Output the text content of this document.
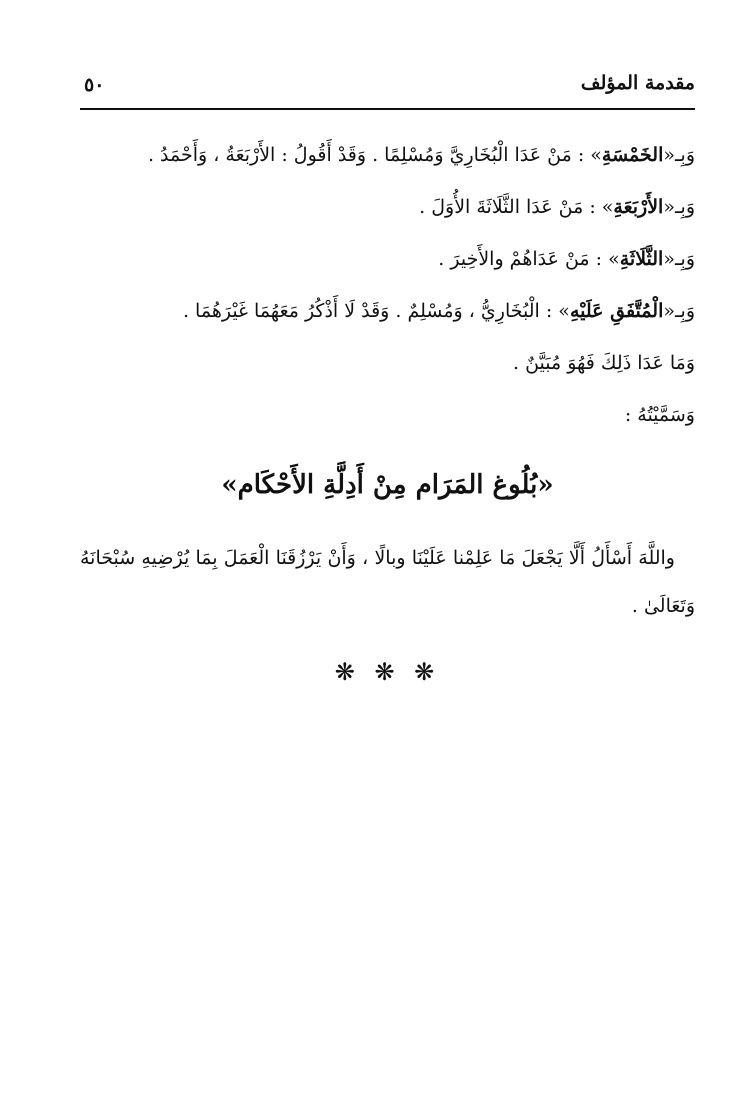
مقدمة المؤلف
٥٠

وَبِـ«الخَمْسَةِ» : مَنْ عَدَا الْبُخَارِيَّ وَمُسْلِمًا . وَقَدْ أَقُولُ : الأَرْبَعَةُ ، وَأَحْمَدُ .

وَبِـ«الأَرْبَعَةِ» : مَنْ عَدَا الثَّلَاثَةَ الأُوَلَ .

وَبِـ«الثَّلَاثَةِ» : مَنْ عَدَاهُمْ والأَخِيرَ .

وَبِـ«الْمُتَّفَقِ عَلَيْهِ» : الْبُخَارِيُّ ، وَمُسْلِمٌ . وَقَدْ لَا أَذْكُرُ مَعَهُمَا غَيْرَهُمَا .

وَمَا عَدَا ذَلِكَ فَهُوَ مُبَيَّنٌ .

وَسَمَّيْتُهُ :

«بُلُوغ المَرَام مِنْ أَدِلَّةِ الأَحْكَام»

واللَّهَ أَسْأَلُ أَلَّا يَجْعَلَ مَا عَلِمْنا عَلَيْنَا وبالًا ، وَأَنْ يَرْزُقَنَا الْعَمَلَ بِمَا يُرْضِيهِ سُبْحَانَهُ وَتَعَالَىٰ .

❋ ❋ ❋
